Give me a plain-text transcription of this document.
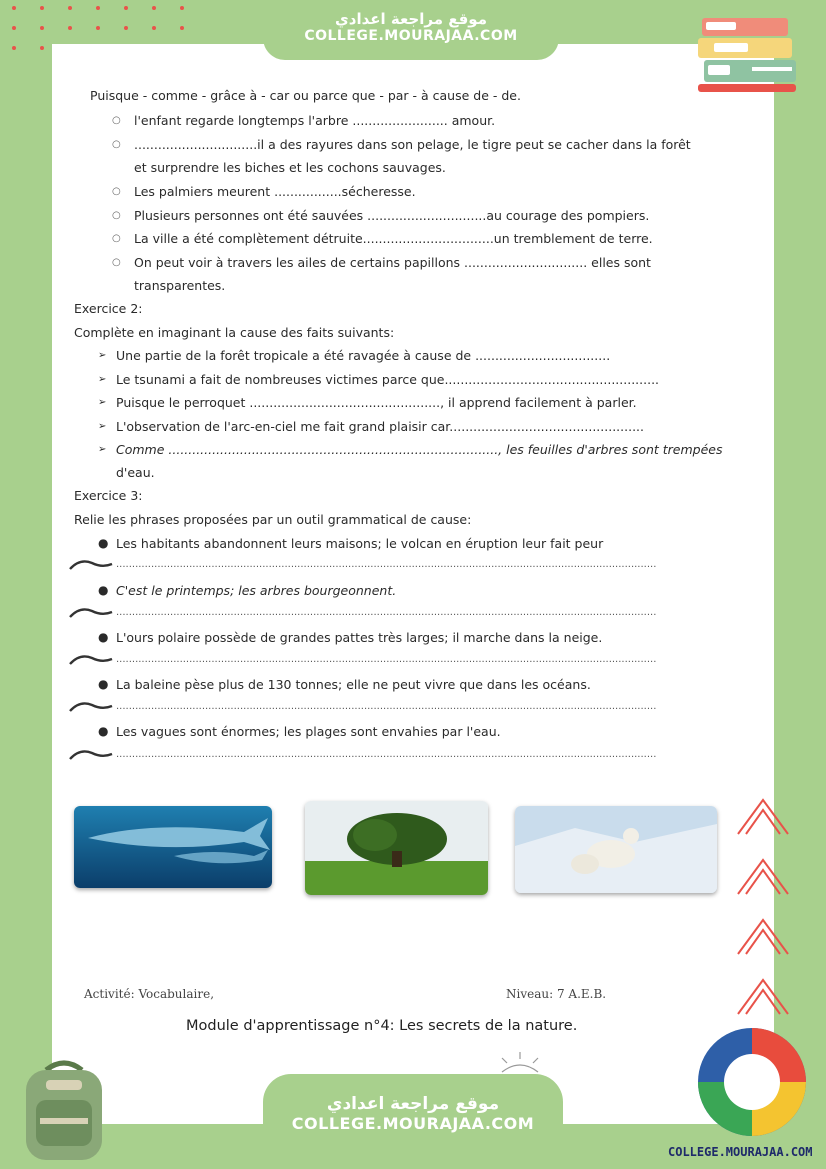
موقع مراجعة اعدادي
COLLEGE.MOURAJAA.COM
Puisque - comme - grâce à - car ou parce que - par - à cause de - de.
○ l'enfant regarde longtemps l'arbre ........................ amour.
○ ...............................il a des rayures dans son pelage, le tigre peut se cacher dans la forêt
et surprendre les biches et les cochons sauvages.
○ Les palmiers meurent .................sécheresse.
○ Plusieurs personnes ont été sauvées ..............................au courage des pompiers.
○ La ville a été complètement détruite.................................un tremblement de terre.
○ On peut voir à travers les ailes de certains papillons ............................... elles sont
transparentes.
Exercice 2:
Complète en imaginant la cause des faits suivants:
➢ Une partie de la forêt tropicale a été ravagée à cause de ..................................
➢ Le tsunami a fait de nombreuses victimes parce que......................................................
➢ Puisque le perroquet ................................................, il apprend facilement à parler.
➢ L'observation de l'arc-en-ciel me fait grand plaisir car.................................................
➢ Comme ..................................................................................., les feuilles d'arbres sont trempées
d'eau.
Exercice 3:
Relie les phrases proposées par un outil grammatical de cause:
● Les habitants abandonnent leurs maisons; le volcan en éruption leur fait peur
..........................................................................................................................................................................
● C'est le printemps; les arbres bourgeonnent.
..........................................................................................................................................................................
● L'ours polaire possède de grandes pattes très larges; il marche dans la neige.
..........................................................................................................................................................................
● La baleine pèse plus de 130 tonnes; elle ne peut vivre que dans les océans.
..........................................................................................................................................................................
● Les vagues sont énormes; les plages sont envahies par l'eau.
..........................................................................................................................................................................
Activité: Vocabulaire,	Niveau: 7 A.E.B.
Module d'apprentissage n°4: Les secrets de la nature.
موقع مراجعة اعدادي
COLLEGE.MOURAJAA.COM
COLLEGE.MOURAJAA.COM
